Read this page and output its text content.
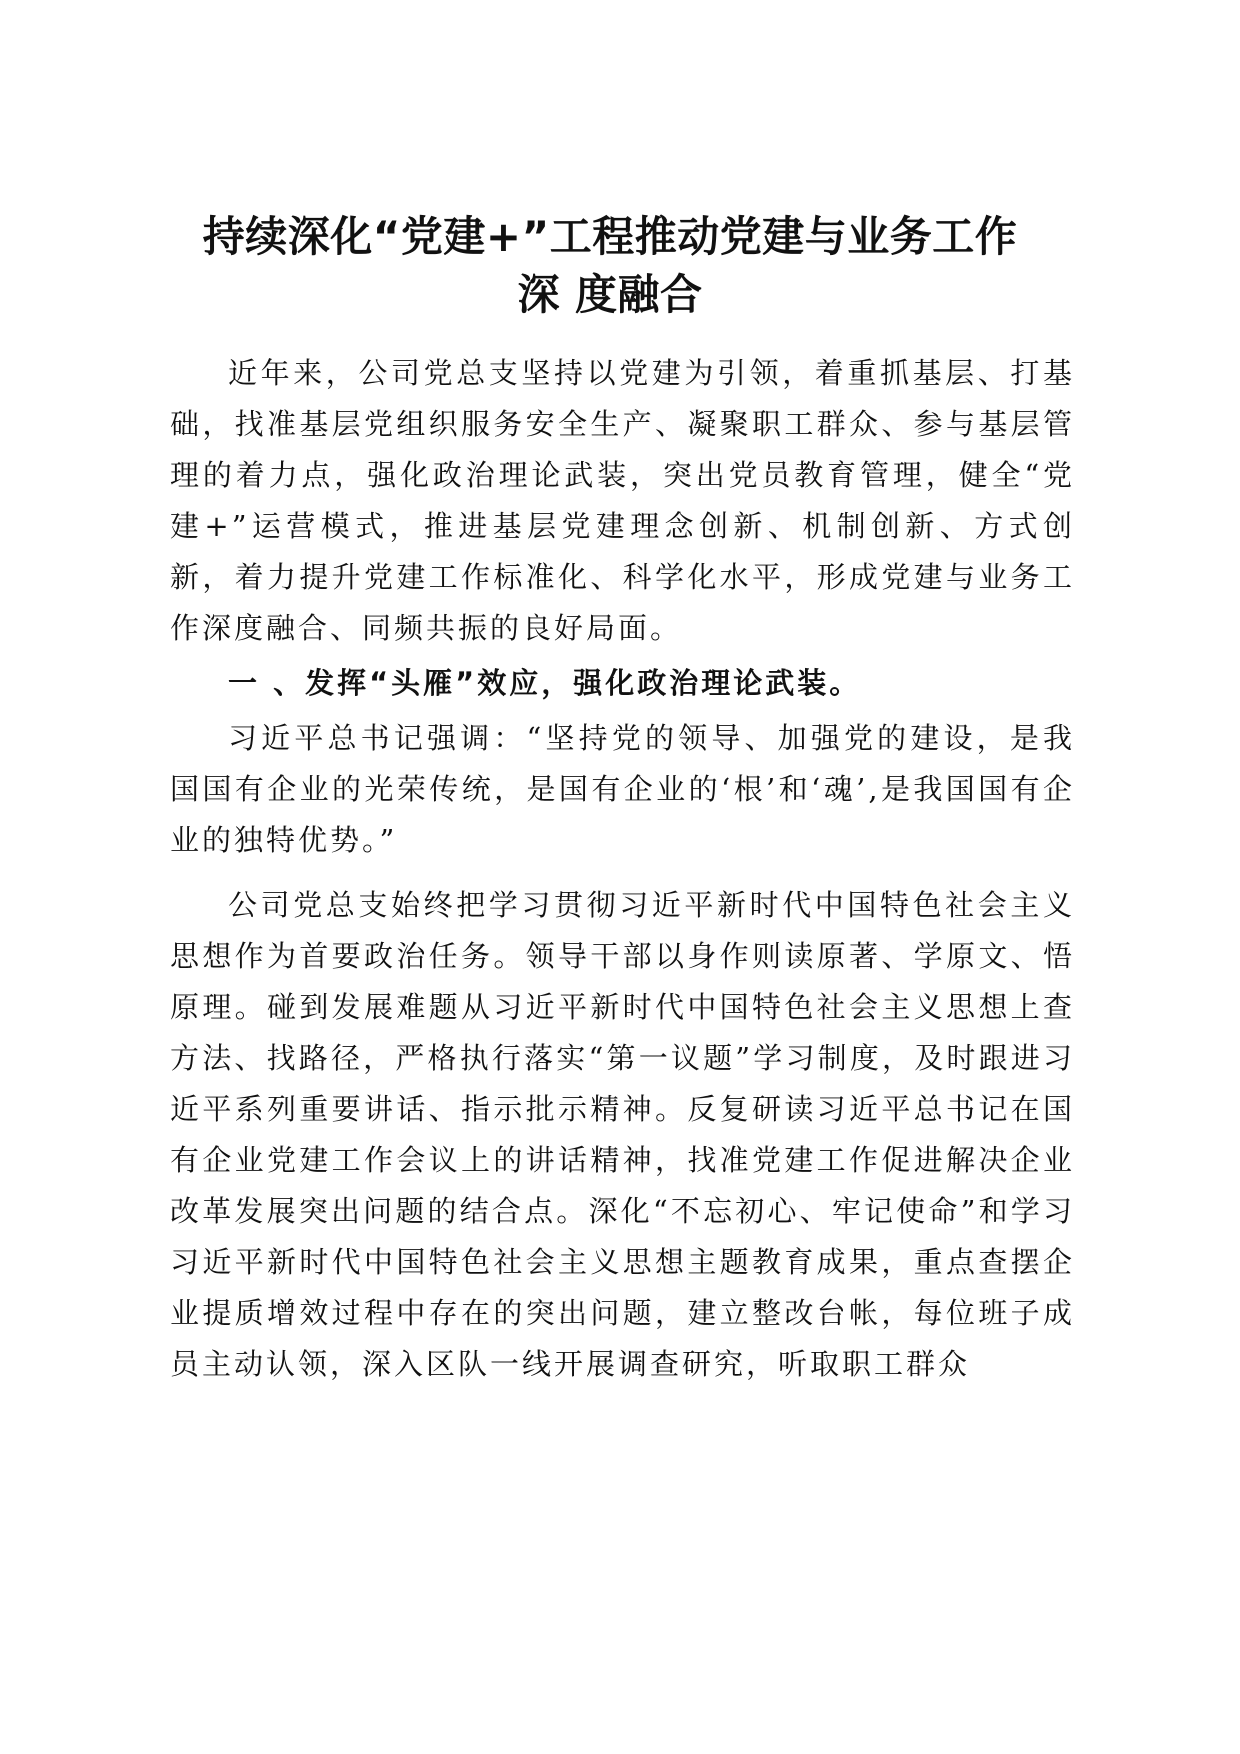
持续深化“党建+”工程推动党建与业务工作
深 度融合

近年来，公司党总支坚持以党建为引领，着重抓基层、打基础，找准基层党组织服务安全生产、凝聚职工群众、参与基层管理的着力点，强化政治理论武装，突出党员教育管理，健全“党建+”运营模式，推进基层党建理念创新、机制创新、方式创新，着力提升党建工作标准化、科学化水平，形成党建与业务工作深度融合、同频共振的良好局面。

一 、发挥“头雁”效应，强化政治理论武装。

习近平总书记强调：“坚持党的领导、加强党的建设，是我国国有企业的光荣传统，是国有企业的‘根’和‘魂’,是我国国有企业的独特优势。”

公司党总支始终把学习贯彻习近平新时代中国特色社会主义思想作为首要政治任务。领导干部以身作则读原著、学原文、悟原理。碰到发展难题从习近平新时代中国特色社会主义思想上查方法、找路径，严格执行落实“第一议题”学习制度，及时跟进习近平系列重要讲话、指示批示精神。反复研读习近平总书记在国有企业党建工作会议上的讲话精神，找准党建工作促进解决企业改革发展突出问题的结合点。深化“不忘初心、牢记使命”和学习习近平新时代中国特色社会主义思想主题教育成果，重点查摆企业提质增效过程中存在的突出问题，建立整改台帐，每位班子成员主动认领，深入区队一线开展调查研究，听取职工群众
